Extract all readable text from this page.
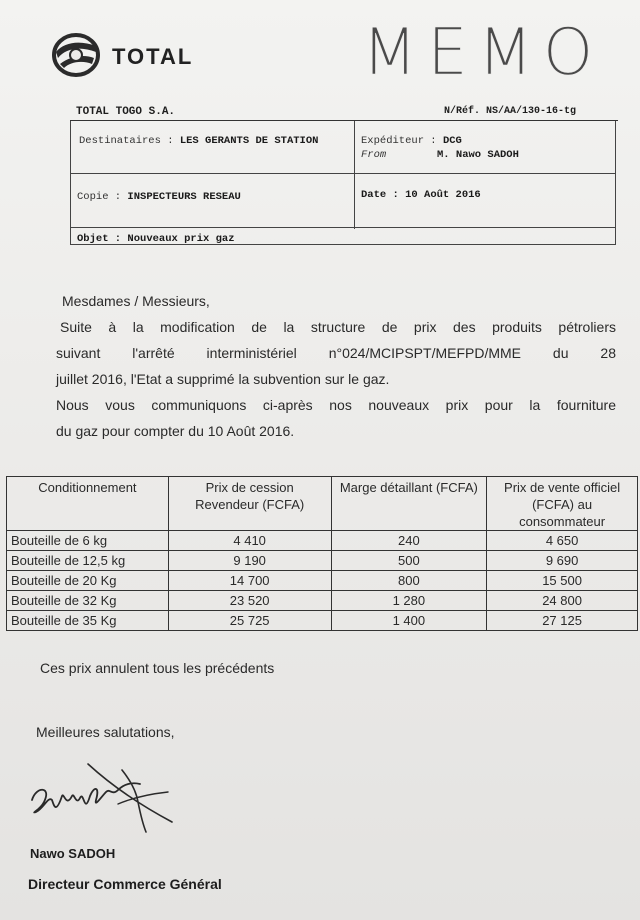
TOTAL	MEMO
TOTAL TOGO S.A.	N/Réf. NS/AA/130-16-tg
Destinataires : LES GERANTS DE STATION	Expéditeur : DCG
From	M. Nawo SADOH
Copie : INSPECTEURS RESEAU	Date : 10 Août 2016
Objet : Nouveaux prix gaz

Mesdames / Messieurs,

Suite à la modification de la structure de prix des produits pétroliers

suivant l'arrêté interministériel n°024/MCIPSPT/MEFPD/MME du 28

juillet 2016, l'Etat a supprimé la subvention sur le gaz.

Nous vous communiquons ci-après nos nouveaux prix pour la fourniture

du gaz pour compter du 10 Août 2016.

Conditionnement	Prix de cession Revendeur (FCFA)	Marge détaillant (FCFA)	Prix de vente officiel (FCFA) au consommateur
Bouteille de 6 kg	4 410	240	4 650
Bouteille de 12,5 kg	9 190	500	9 690
Bouteille de 20 Kg	14 700	800	15 500
Bouteille de 32 Kg	23 520	1 280	24 800
Bouteille de 35 Kg	25 725	1 400	27 125
Ces prix annulent tous les précédents
Meilleures salutations,
Nawo SADOH
Directeur Commerce Général
